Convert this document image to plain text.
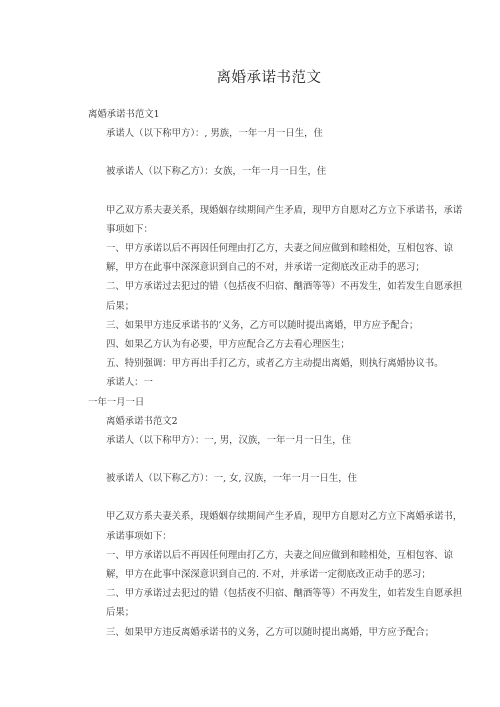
离婚承诺书范文
离婚承诺书范文1
承诺人（以下称甲方）：, 男族，一年一月一日生，住
被承诺人（以下称乙方）：女族，一年一月一日生，住
甲乙双方系夫妻关系，现婚姻存续期间产生矛盾，现甲方自愿对乙方立下承诺书，承诺事项如下：
一、甲方承诺以后不再因任何理由打乙方，夫妻之间应做到和睦相处，互相包容、谅解，甲方在此事中深深意识到自己的不对，并承诺一定彻底改正动手的恶习；
二、甲方承诺过去犯过的错（包括夜不归宿、酗酒等等）不再发生，如若发生自愿承担后果；
三、如果甲方违反承诺书的’义务，乙方可以随时提出离婚，甲方应予配合；
四、如果乙方认为有必要，甲方应配合乙方去看心理医生；
五、特别强调：甲方再出手打乙方，或者乙方主动提出离婚，则执行离婚协议书。
承诺人：一
一年一月一日
离婚承诺书范文2
承诺人（以下称甲方）：一, 男，汉族，一年一月一日生，住
被承诺人（以下称乙方）：一, 女, 汉族，一年一月一日生，住
甲乙双方系夫妻关系，现婚姻存续期间产生矛盾，现甲方自愿对乙方立下离婚承诺书，承诺事项如下：
一、甲方承诺以后不再因任何理由打乙方，夫妻之间应做到和睦相处，互相包容、谅解，甲方在此事中深深意识到自己的. 不对，并承诺一定彻底改正动手的恶习；
二、甲方承诺过去犯过的错（包括夜不归宿、酗酒等等）不再发生，如若发生自愿承担后果；
三、如果甲方违反离婚承诺书的义务，乙方可以随时提出离婚，甲方应予配合；
